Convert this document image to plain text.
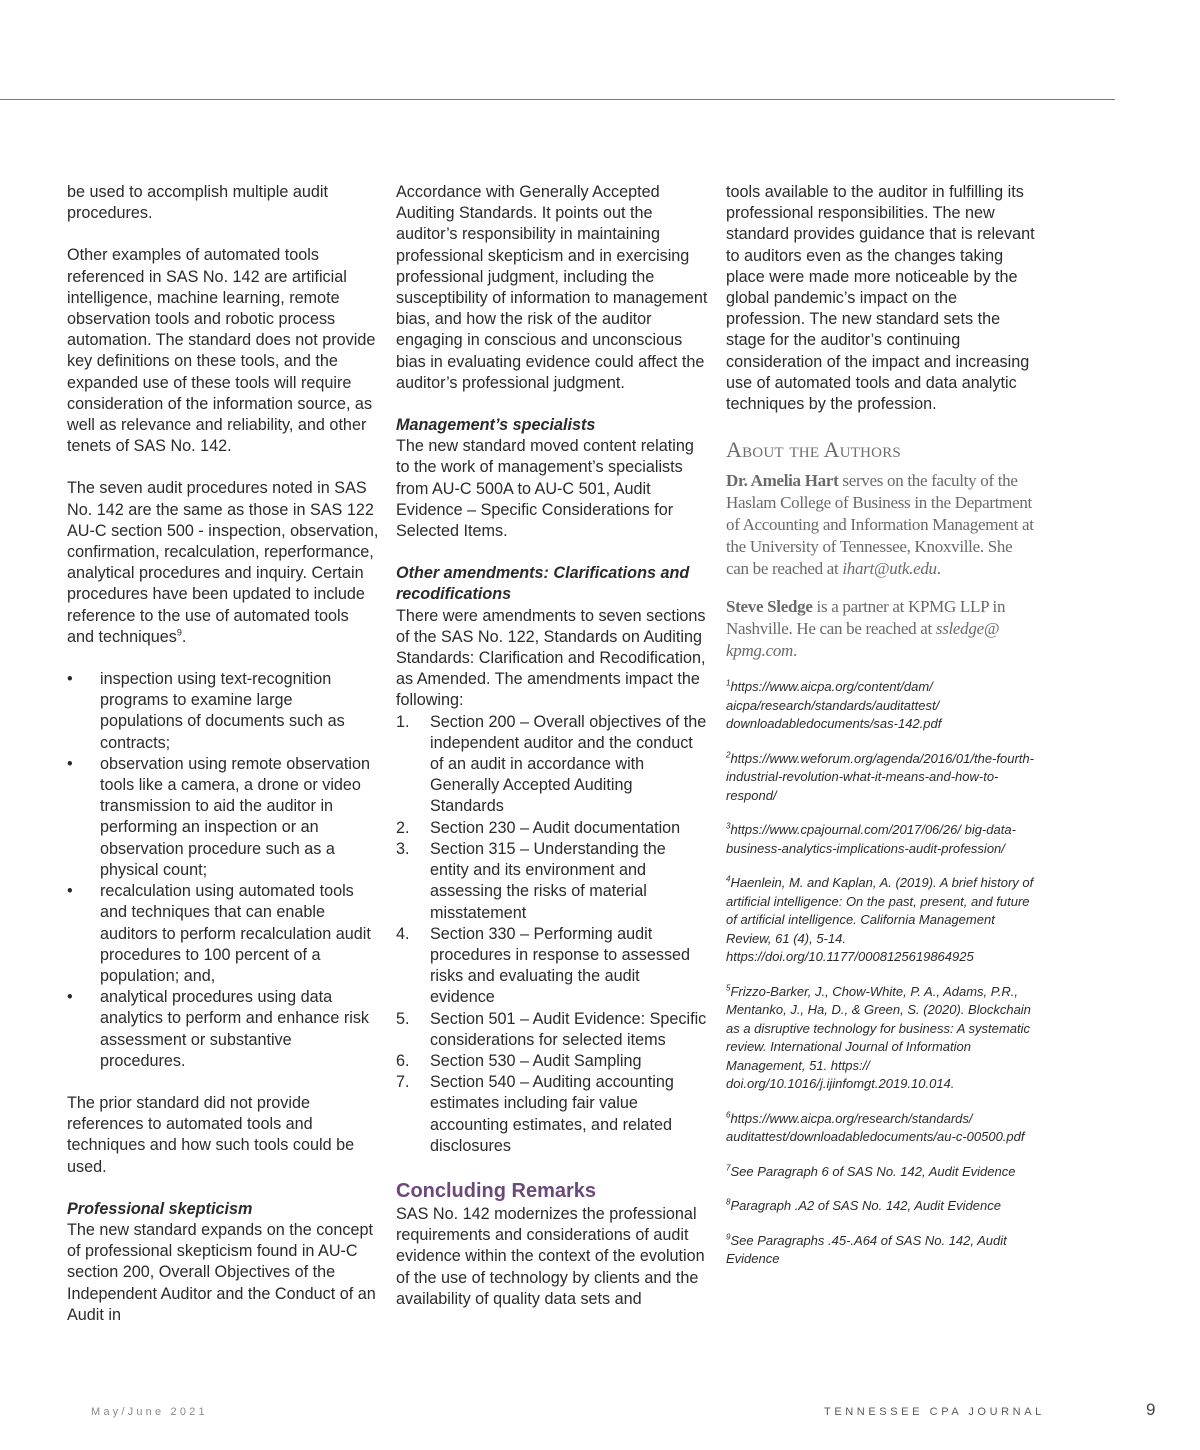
be used to accomplish multiple audit procedures.

Other examples of automated tools referenced in SAS No. 142 are artificial intelligence, machine learning, remote observation tools and robotic process automation. The standard does not provide key definitions on these tools, and the expanded use of these tools will require consideration of the information source, as well as relevance and reliability, and other tenets of SAS No. 142.

The seven audit procedures noted in SAS No. 142 are the same as those in SAS 122 AU-C section 500 - inspection, observation, confirmation, recalculation, reperformance, analytical procedures and inquiry. Certain procedures have been updated to include reference to the use of automated tools and techniques$^9$.

• inspection using text-recognition programs to examine large populations of documents such as contracts;
• observation using remote observation tools like a camera, a drone or video transmission to aid the auditor in performing an inspection or an observation procedure such as a physical count;
• recalculation using automated tools and techniques that can enable auditors to perform recalculation audit procedures to 100 percent of a population; and,
• analytical procedures using data analytics to perform and enhance risk assessment or substantive procedures.

The prior standard did not provide references to automated tools and techniques and how such tools could be used.

Professional skepticism

The new standard expands on the concept of professional skepticism found in AU-C section 200, Overall Objectives of the Independent Auditor and the Conduct of an Audit in

Accordance with Generally Accepted Auditing Standards. It points out the auditor’s responsibility in maintaining professional skepticism and in exercising professional judgment, including the susceptibility of information to management bias, and how the risk of the auditor engaging in conscious and unconscious bias in evaluating evidence could affect the auditor’s professional judgment.

Management’s specialists

The new standard moved content relating to the work of management’s specialists from AU-C 500A to AU-C 501, Audit Evidence – Specific Considerations for Selected Items.

Other amendments: Clarifications and recodifications

There were amendments to seven sections of the SAS No. 122, Standards on Auditing Standards: Clarification and Recodification, as Amended. The amendments impact the following:

1. Section 200 – Overall objectives of the independent auditor and the conduct of an audit in accordance with Generally Accepted Auditing Standards
2. Section 230 – Audit documentation
3. Section 315 – Understanding the entity and its environment and assessing the risks of material misstatement
4. Section 330 – Performing audit procedures in response to assessed risks and evaluating the audit evidence
5. Section 501 – Audit Evidence: Specific considerations for selected items
6. Section 530 – Audit Sampling
7. Section 540 – Auditing accounting estimates including fair value accounting estimates, and related disclosures
Concluding Remarks

SAS No. 142 modernizes the professional requirements and considerations of audit evidence within the context of the evolution of the use of technology by clients and the availability of quality data sets and

tools available to the auditor in fulfilling its professional responsibilities. The new standard provides guidance that is relevant to auditors even as the changes taking place were made more noticeable by the global pandemic’s impact on the profession. The new standard sets the stage for the auditor’s continuing consideration of the impact and increasing use of automated tools and data analytic techniques by the profession.

About the Authors

Dr. Amelia Hart serves on the faculty of the Haslam College of Business in the Department of Accounting and Information Management at the University of Tennessee, Knoxville. She can be reached at ihart@utk.edu.

Steve Sledge is a partner at KPMG LLP in Nashville. He can be reached at ssledge@ kpmg.com.

$^1$https://www.aicpa.org/content/dam/ aicpa/research/standards/auditattest/ downloadabledocuments/sas-142.pdf
$^2$https://www.weforum.org/agenda/2016/01/the-fourth-industrial-revolution-what-it-means-and-how-to-respond/
$^3$https://www.cpajournal.com/2017/06/26/ big-data-business-analytics-implications-audit-profession/
$^4$Haenlein, M. and Kaplan, A. (2019). A brief history of artificial intelligence: On the past, present, and future of artificial intelligence. California Management Review, 61 (4), 5-14. https://doi.org/10.1177/0008125619864925
$^5$Frizzo-Barker, J., Chow-White, P. A., Adams, P.R., Mentanko, J., Ha, D., & Green, S. (2020). Blockchain as a disruptive technology for business: A systematic review. International Journal of Information Management, 51. https:// doi.org/10.1016/j.ijinfomgt.2019.10.014.
$^6$https://www.aicpa.org/research/standards/ auditattest/downloadabledocuments/au-c-00500.pdf
$^7$See Paragraph 6 of SAS No. 142, Audit Evidence
$^8$Paragraph .A2 of SAS No. 142, Audit Evidence
$^9$See Paragraphs .45-.A64 of SAS No. 142, Audit Evidence
May/June 2021	TENNESSEE CPA JOURNAL	9
